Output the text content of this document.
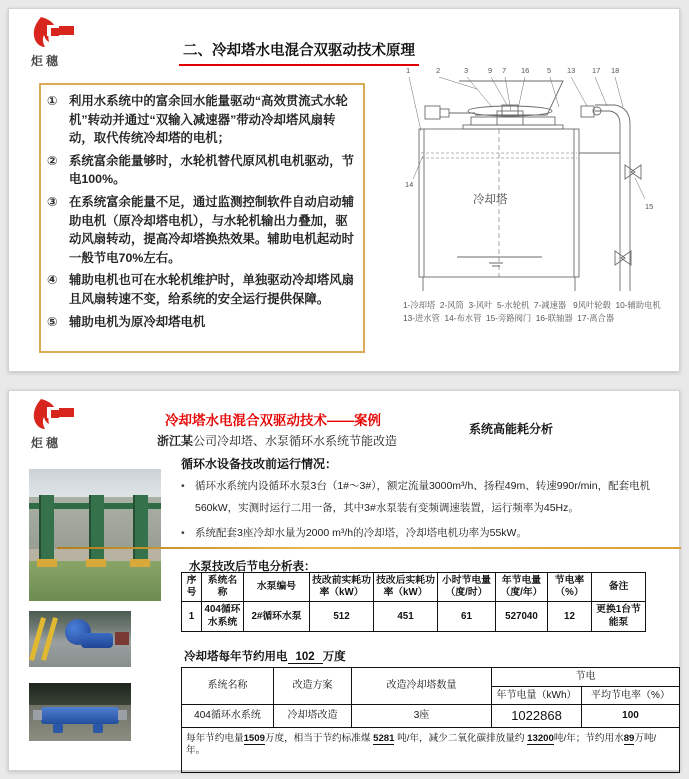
炬穗
二、冷却塔水电混合双驱动技术原理
① 利用水系统中的富余回水能量驱动“高效贯流式水轮机”转动并通过“双输入减速器”带动冷却塔风扇转动，取代传统冷却塔的电机；
② 系统富余能量够时，水轮机替代原风机电机驱动，节电100%。
③ 在系统富余能量不足，通过监测控制软件自动启动辅助电机（原冷却塔电机），与水轮机输出力叠加，驱动风扇转动，提高冷却塔换热效果。辅助电机起动时一般节电70%左右。
④ 辅助电机也可在水轮机维护时，单独驱动冷却塔风扇且风扇转速不变，给系统的安全运行提供保障。
⑤ 辅助电机为原冷却塔电机
1	2	3	9 7 16 5 13 17 18
14
15
冷却塔
1-冷却塔  2-风筒  3-风叶  5-水轮机  7-减速器   9风叶轮毂  10-辅助电机
13-进水管  14-布水管  15-旁路阀门  16-联轴器  17-离合器
炬穗
冷却塔水电混合双驱动技术——案例
浙江某公司冷却塔、水泵循环水系统节能改造
系统高能耗分析
循环水设备技改前运行情况：
• 循环水系统内设循环水泵3台（1#～3#），额定流量3000m³/h、扬程49m、转速990r/min，配套电机560kW，实测时运行二用一备，其中3#水泵装有变频调速装置，运行频率为45Hz。
• 系统配套3座冷却水量为2000 m³/h的冷却塔，冷却塔电机功率为55kW。
水泵技改后节电分析表：
序号	系统名称	水泵编号	技改前实耗功率（kW）	技改后实耗功率（kW）	小时节电量（度/时）	年节电量（度/年）	节电率（%）	备注
1	404循环水系统	2#循环水泵	512	451	61	527040	12	更换1台节能泵
冷却塔每年节约用电 102 万度
系统名称	改造方案	改造冷却塔数量	节电	
			年节电量（kWh）	平均节电率（%）
404循环水系统	冷却塔改造	3座	1022868	100
每年节约电量1509万度，相当于节约标准煤 5281 吨/年，减少二氧化碳排放量约 13200吨/年；节约用水89万吨/年。				
